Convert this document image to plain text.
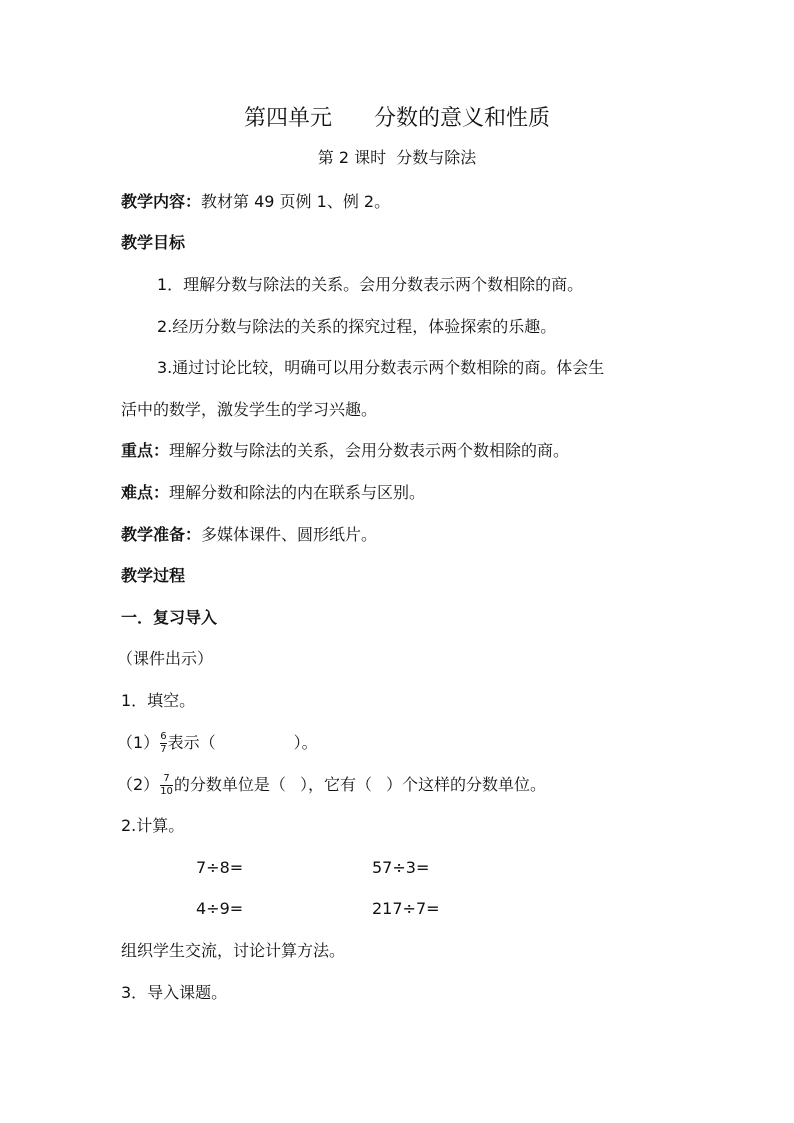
第四单元      分数的意义和性质
第 2 课时  分数与除法
教学内容：教材第 49 页例 1、例 2。
教学目标
1．理解分数与除法的关系。会用分数表示两个数相除的商。
2.经历分数与除法的关系的探究过程，体验探索的乐趣。
3.通过讨论比较，明确可以用分数表示两个数相除的商。体会生
活中的数学，激发学生的学习兴趣。
重点：理解分数与除法的关系，会用分数表示两个数相除的商。
难点：理解分数和除法的内在联系与区别。
教学准备：多媒体课件、圆形纸片。
教学过程
一．复习导入
（课件出示）
1．填空。
$(1) \frac{6}{7}$ 表示（	）。
$(2) \frac{7}{10}$ 的分数单位是（ ），它有（ ）个这样的分数单位。
2.计算。
7÷8=	57÷3=
4÷9=	217÷7=
组织学生交流，讨论计算方法。
3．导入课题。
